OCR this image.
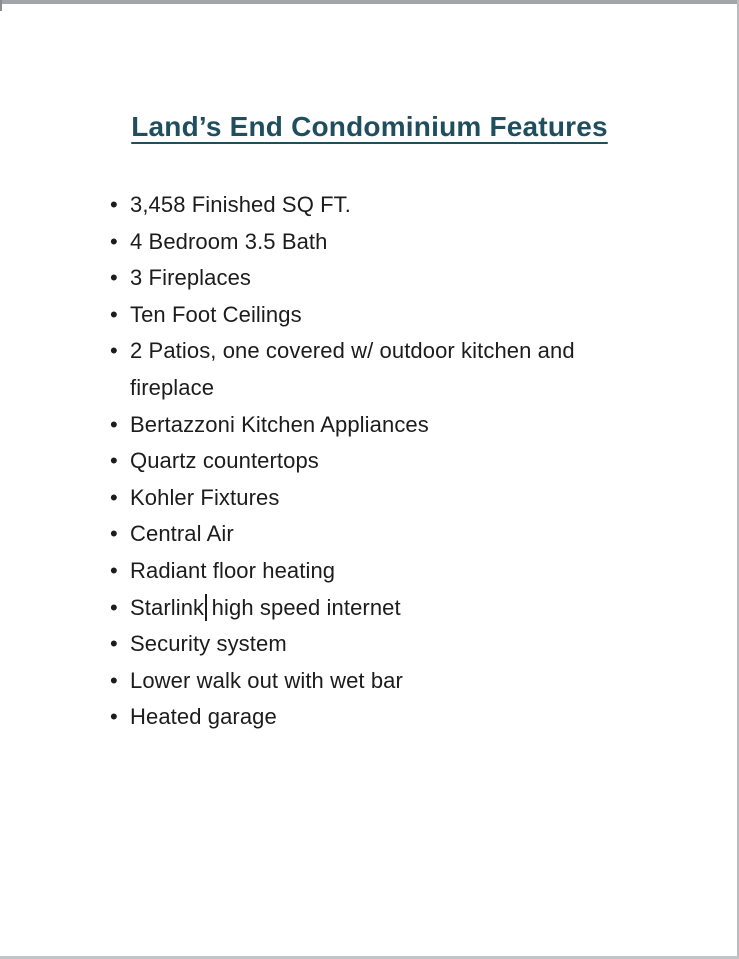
Land’s End Condominium Features
• 3,458 Finished SQ FT.
• 4 Bedroom 3.5 Bath
• 3 Fireplaces
• Ten Foot Ceilings
• 2 Patios, one covered w/ outdoor kitchen and fireplace
• Bertazzoni Kitchen Appliances
• Quartz countertops
• Kohler Fixtures
• Central Air
• Radiant floor heating
• Starlink high speed internet
• Security system
• Lower walk out with wet bar
• Heated garage
